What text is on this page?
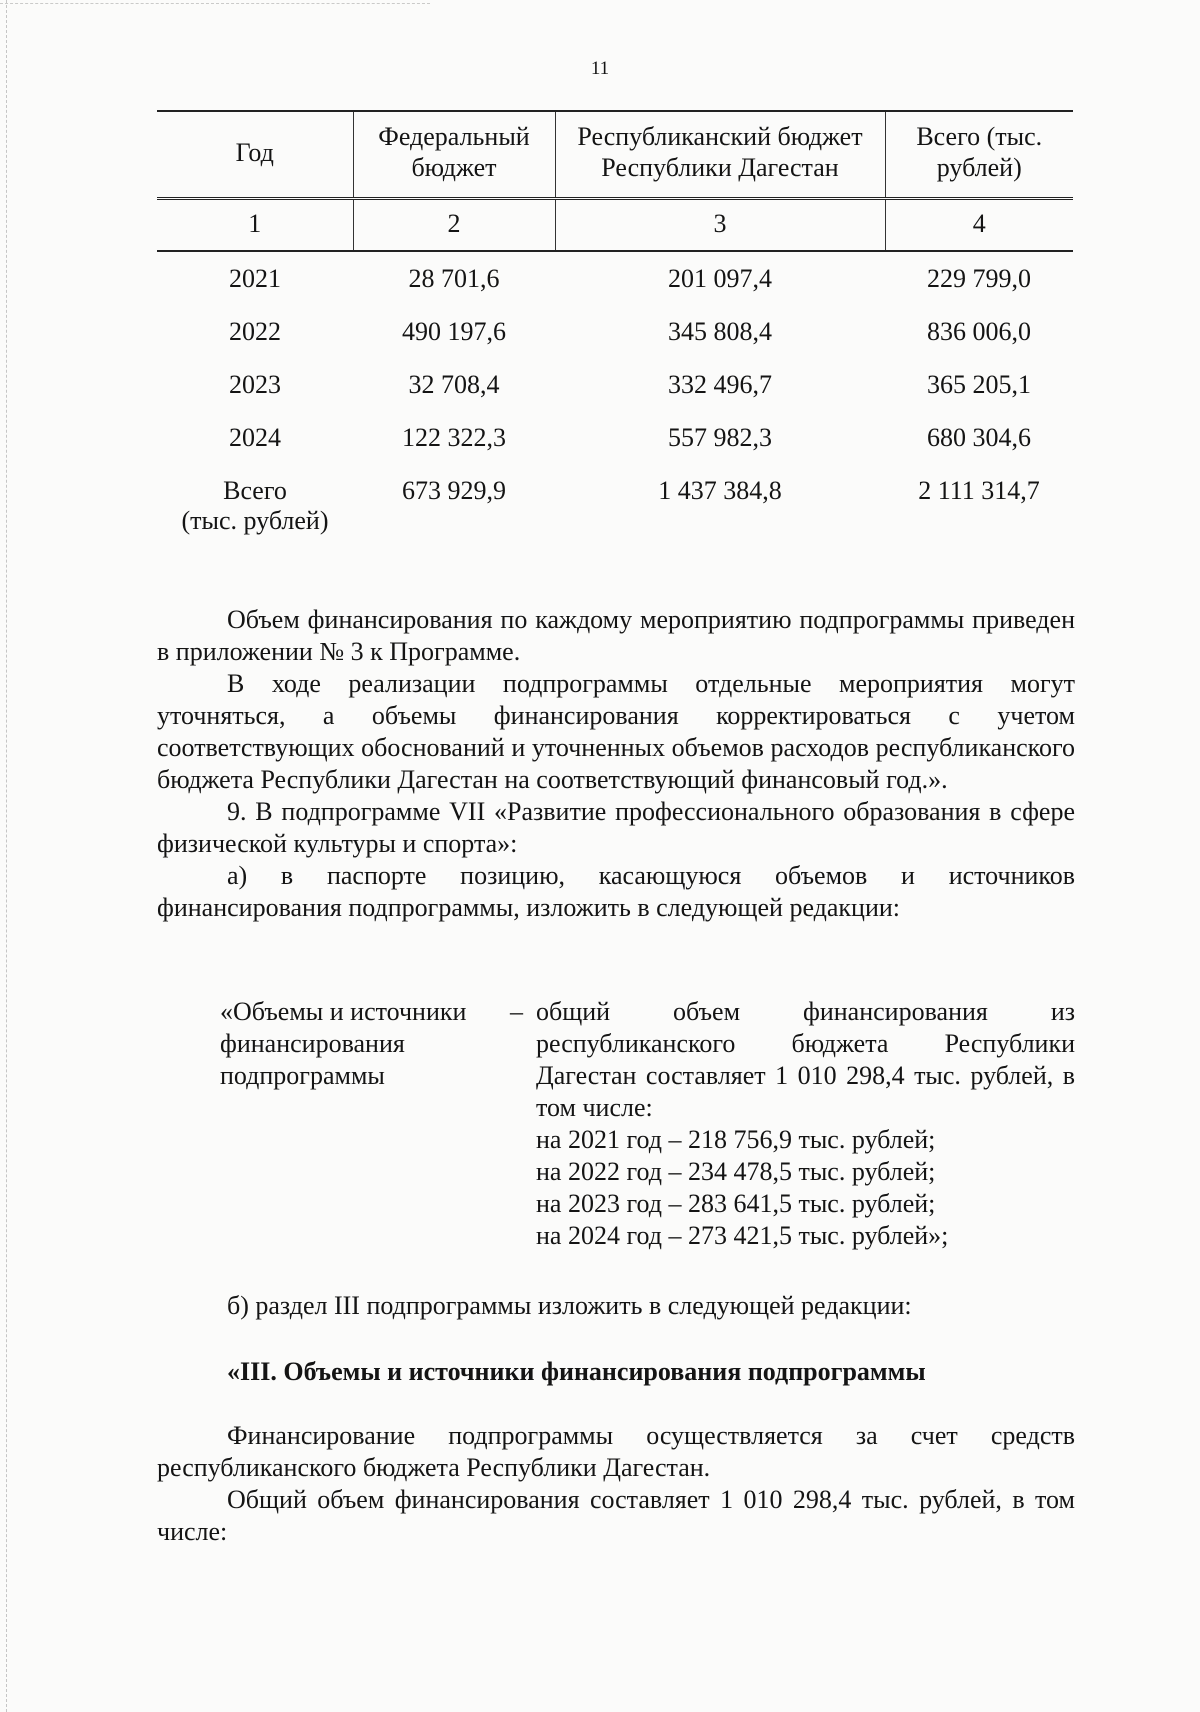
11
Год	Федеральный бюджет	Республиканский бюджет Республики Дагестан	Всего (тыс. рублей)
1	2	3	4
2021	28 701,6	201 097,4	229 799,0
2022	490 197,6	345 808,4	836 006,0
2023	32 708,4	332 496,7	365 205,1
2024	122 322,3	557 982,3	680 304,6

Всего
(тыс. рублей)	673 929,9	1 437 384,8	2 111 314,7

Объем финансирования по каждому мероприятию подпрограммы приведен в приложении № 3 к Программе.

В ходе реализации подпрограммы отдельные мероприятия могут уточняться, а объемы финансирования корректироваться с учетом соответствующих обоснований и уточненных объемов расходов республиканского бюджета Республики Дагестан на соответствующий финансовый год.».

9. В подпрограмме VII «Развитие профессионального образования в сфере физической культуры и спорта»:

а) в паспорте позицию, касающуюся объемов и источников финансирования подпрограммы, изложить в следующей редакции:

«Объемы и источники
финансирования
подпрограммы
– общий объем финансирования из республиканского бюджета Республики Дагестан составляет 1 010 298,4 тыс. рублей, в том числе:
на 2021 год – 218 756,9 тыс. рублей;
на 2022 год – 234 478,5 тыс. рублей;
на 2023 год – 283 641,5 тыс. рублей;
на 2024 год – 273 421,5 тыс. рублей»;
б) раздел III подпрограммы изложить в следующей редакции:
«III. Объемы и источники финансирования подпрограммы

Финансирование подпрограммы осуществляется за счет средств республиканского бюджета Республики Дагестан.

Общий объем финансирования составляет 1 010 298,4 тыс. рублей, в том числе:
